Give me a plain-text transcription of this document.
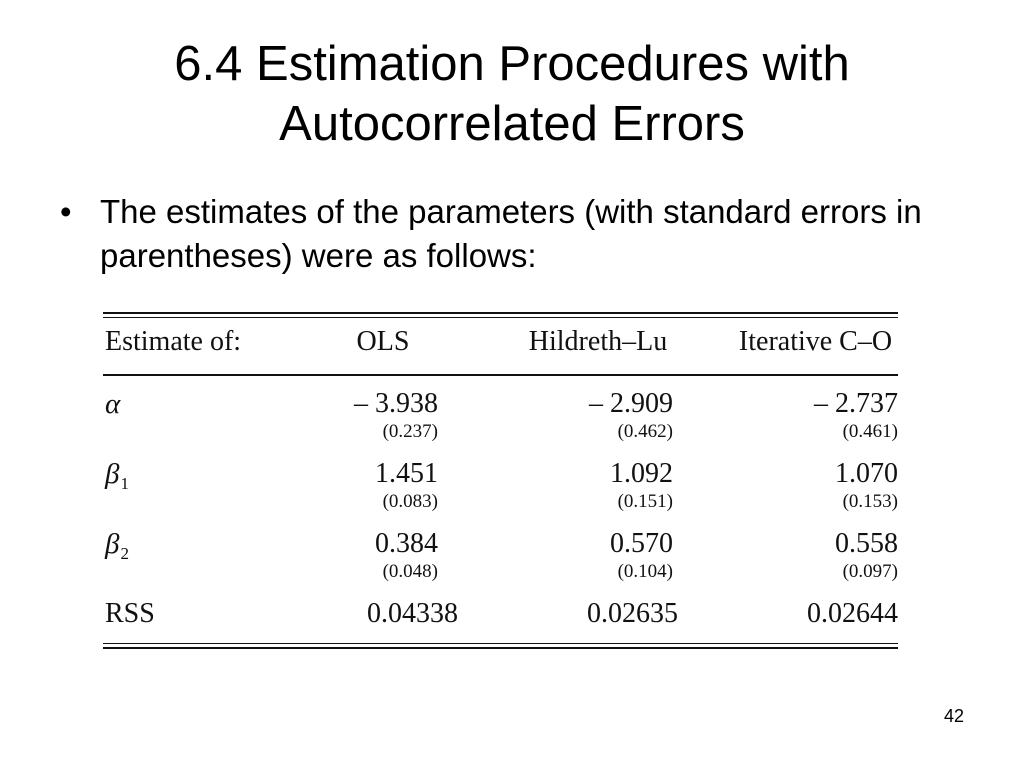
6.4 Estimation Procedures with
Autocorrelated Errors
• The estimates of the parameters (with standard errors in parentheses) were as follows:
Estimate of:	OLS	Hildreth–Lu	Iterative C–O
α	– 3.938	– 2.909	– 2.737
(0.237)	(0.462)	(0.461)
$\beta_1$	1.451	1.092	1.070
(0.083)	(0.151)	(0.153)
$\beta_2$	0.384	0.570	0.558
(0.048)	(0.104)	(0.097)
RSS	0.04338	0.02635	0.02644
42
